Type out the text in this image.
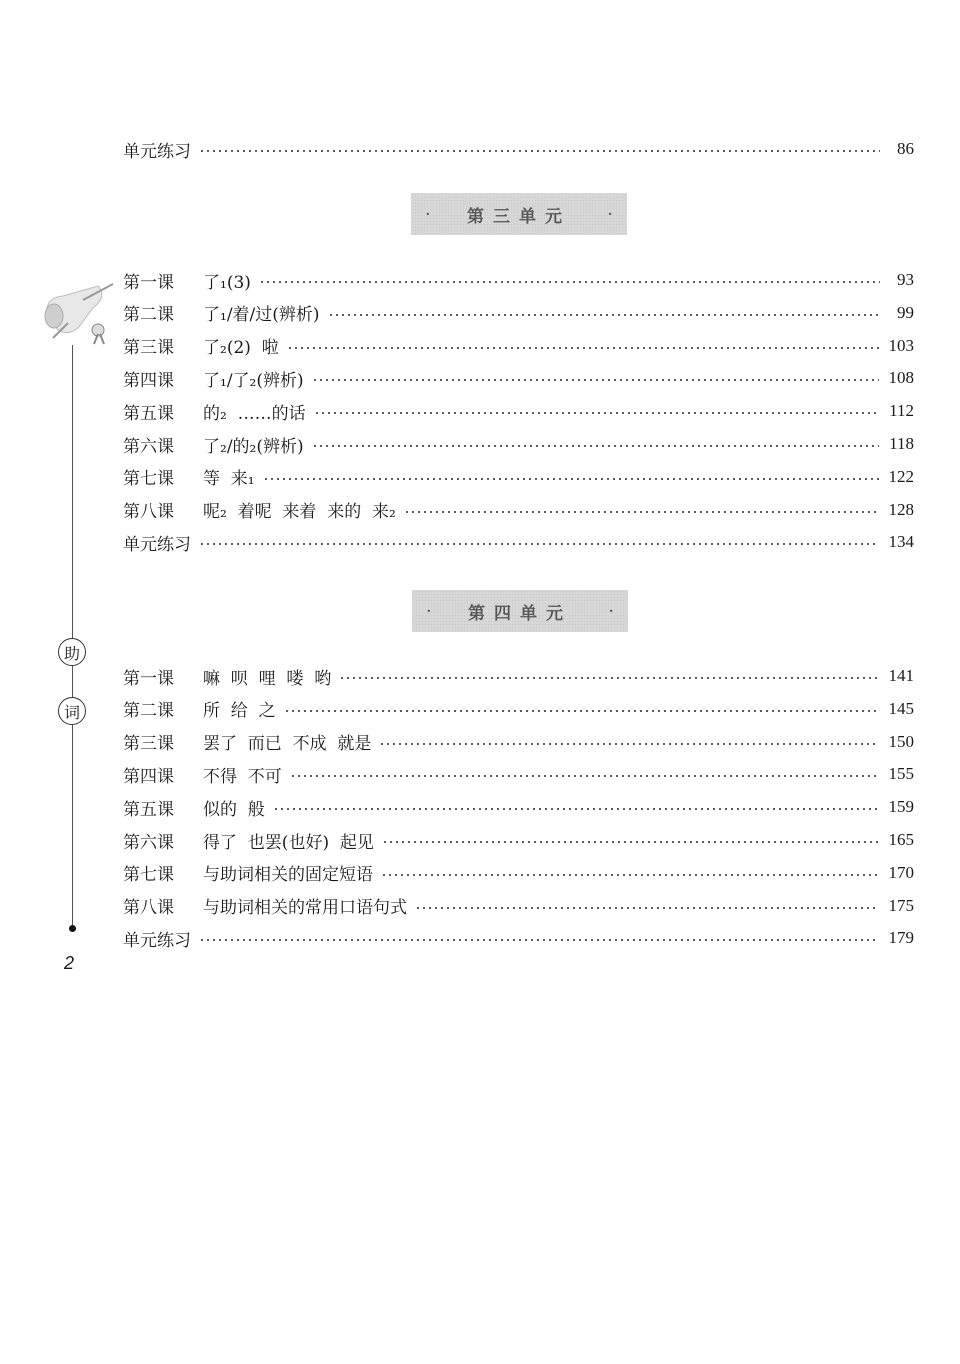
助
词
2
单元练习	86
· 第三单元 ·
第一课	了₁(3)	93
第二课	了₁/着/过(辨析)	99
第三课	了₂(2)  啦	103
第四课	了₁/了₂(辨析)	108
第五课	的₂  ……的话	112
第六课	了₂/的₂(辨析)	118
第七课	等  来₁	122
第八课	呢₂  着呢  来着  来的  来₂	128
单元练习	134
· 第四单元 ·
第一课	嘛  呗  哩  喽  哟	141
第二课	所  给  之	145
第三课	罢了  而已  不成  就是	150
第四课	不得  不可	155
第五课	似的  般	159
第六课	得了  也罢(也好)  起见	165
第七课	与助词相关的固定短语	170
第八课	与助词相关的常用口语句式	175
单元练习	179
